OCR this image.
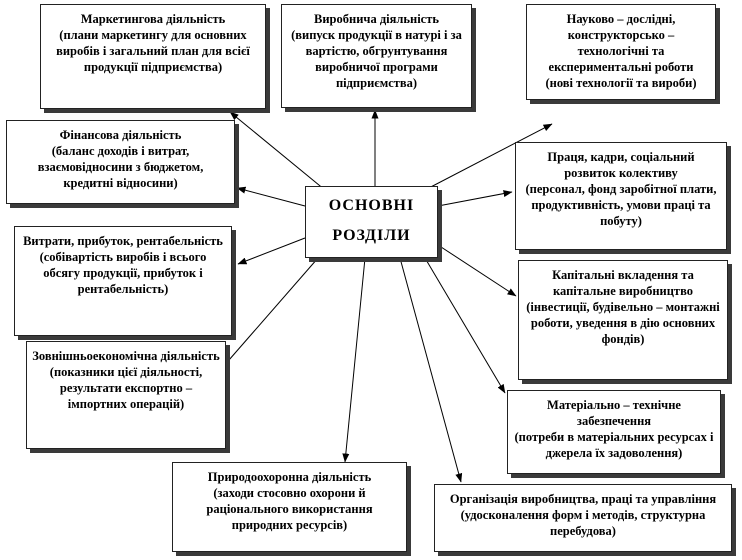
Маркетингова діяльність
(плани маркетингу для основних виробів і загальний план для всієї продукції підприємства)
Виробнича діяльність
(випуск продукції в натурі і за вартістю, обгрунтування виробничої програми підприємства)
Науково – дослідні, конструкторсько – технологічні та експериментальні роботи
(нові технології та вироби)
Фінансова діяльність
(баланс доходів і витрат, взаємовідносини з бюджетом, кредитні відносини)
Праця, кадри, соціальний розвиток колективу
(персонал, фонд заробітної плати, продуктивність, умови праці та побуту)
Витрати, прибуток, рентабельність
(собівартість виробів і всього обсягу продукції, прибуток і рентабельність)
Капітальні вкладення та капітальне виробництво
(інвестиції, будівельно – монтажні роботи, уведення в дію основних фондів)
Зовнішньоекономічна діяльність
(показники цієї діяльності, результати експортно – імпортних операцій)	Матеріально – технічне забезпечення
(потреби в матеріальних ресурсах і джерела їх задоволення)
Природоохоронна діяльність
(заходи стосовно охорони й раціонального використання природних ресурсів)
Організація виробництва, праці та управління
(удосконалення форм і методів, структурна перебудова)
ОСНОВНІ
РОЗДІЛИ
